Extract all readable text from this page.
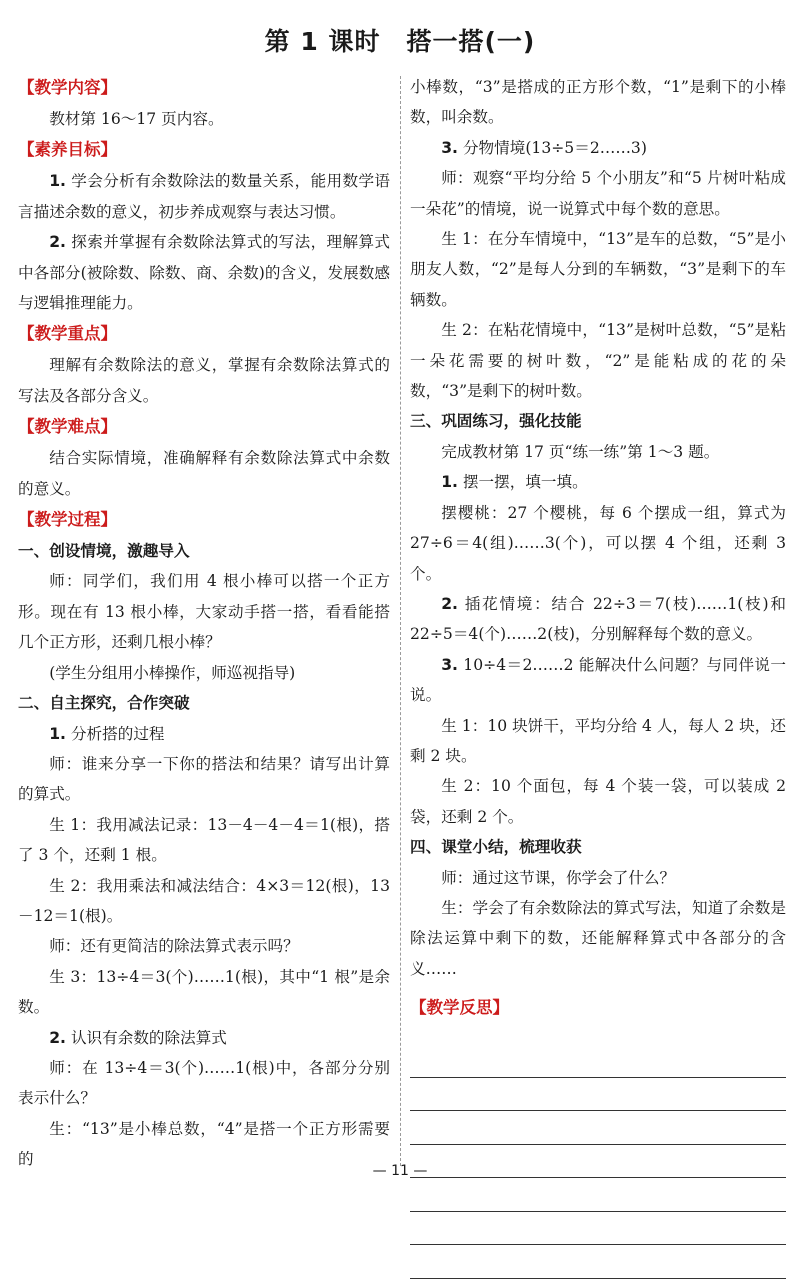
第 1 课时　搭一搭(一)
【教学内容】

教材第 16～17 页内容。

【素养目标】

1. 学会分析有余数除法的数量关系，能用数学语言描述余数的意义，初步养成观察与表达习惯。

2. 探索并掌握有余数除法算式的写法，理解算式中各部分(被除数、除数、商、余数)的含义，发展数感与逻辑推理能力。

【教学重点】

理解有余数除法的意义，掌握有余数除法算式的写法及各部分含义。

【教学难点】

结合实际情境，准确解释有余数除法算式中余数的意义。

【教学过程】
一、创设情境，激趣导入

师：同学们，我们用 4 根小棒可以搭一个正方形。现在有 13 根小棒，大家动手搭一搭，看看能搭几个正方形，还剩几根小棒？

(学生分组用小棒操作，师巡视指导)

二、自主探究，合作突破

1. 分析搭的过程

师：谁来分享一下你的搭法和结果？请写出计算的算式。

生 1：我用减法记录：13－4－4－4＝1(根)，搭了 3 个，还剩 1 根。

生 2：我用乘法和减法结合：4×3＝12(根)，13－12＝1(根)。

师：还有更简洁的除法算式表示吗？

生 3：13÷4＝3(个)……1(根)，其中“1 根”是余数。

2. 认识有余数的除法算式

师：在 13÷4＝3(个)……1(根)中，各部分分别表示什么？

生：“13”是小棒总数，“4”是搭一个正方形需要的

小棒数，“3”是搭成的正方形个数，“1”是剩下的小棒数，叫余数。

3. 分物情境(13÷5＝2……3)

师：观察“平均分给 5 个小朋友”和“5 片树叶粘成一朵花”的情境，说一说算式中每个数的意思。

生 1：在分车情境中，“13”是车的总数，“5”是小朋友人数，“2”是每人分到的车辆数，“3”是剩下的车辆数。

生 2：在粘花情境中，“13”是树叶总数，“5”是粘一朵花需要的树叶数，“2”是能粘成的花的朵数，“3”是剩下的树叶数。

三、巩固练习，强化技能

完成教材第 17 页“练一练”第 1～3 题。

1. 摆一摆，填一填。

摆樱桃：27 个樱桃，每 6 个摆成一组，算式为 27÷6＝4(组)……3(个)，可以摆 4 个组，还剩 3 个。

2. 插花情境：结合 22÷3＝7(枝)……1(枝)和 22÷5＝4(个)……2(枝)，分别解释每个数的意义。

3. 10÷4＝2……2 能解决什么问题？与同伴说一说。

生 1：10 块饼干，平均分给 4 人，每人 2 块，还剩 2 块。

生 2：10 个面包，每 4 个装一袋，可以装成 2 袋，还剩 2 个。

四、课堂小结，梳理收获

师：通过这节课，你学会了什么？

生：学会了有余数除法的算式写法，知道了余数是除法运算中剩下的数，还能解释算式中各部分的含义……

【教学反思】
— 11 —
